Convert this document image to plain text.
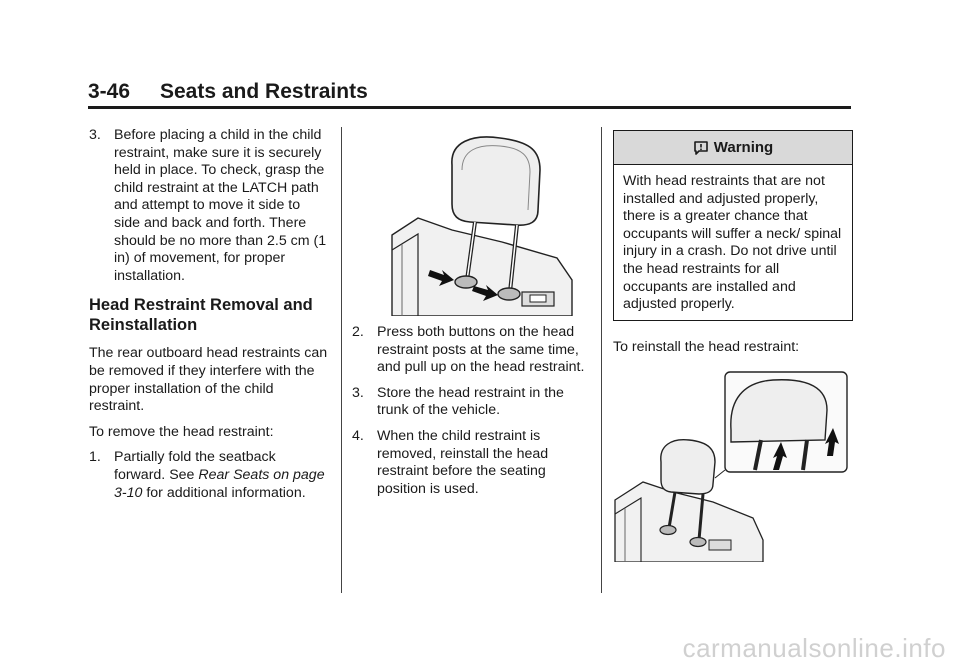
3-46 Seats and Restraints
3. Before placing a child in the child restraint, make sure it is securely held in place. To check, grasp the child restraint at the LATCH path and attempt to move it side to side and back and forth. There should be no more than 2.5 cm (1 in) of movement, for proper installation.
Head Restraint Removal and Reinstallation

The rear outboard head restraints can be removed if they interfere with the proper installation of the child restraint.

To remove the head restraint:

1. Partially fold the seatback forward. See Rear Seats on page 3-10 for additional information.
2. Press both buttons on the head restraint posts at the same time, and pull up on the head restraint.
3. Store the head restraint in the trunk of the vehicle.
4. When the child restraint is removed, reinstall the head restraint before the seating position is used.
Warning
With head restraints that are not installed and adjusted properly, there is a greater chance that occupants will suffer a neck/ spinal injury in a crash. Do not drive until the head restraints for all occupants are installed and adjusted properly.

To reinstall the head restraint:

carmanualsonline.info
